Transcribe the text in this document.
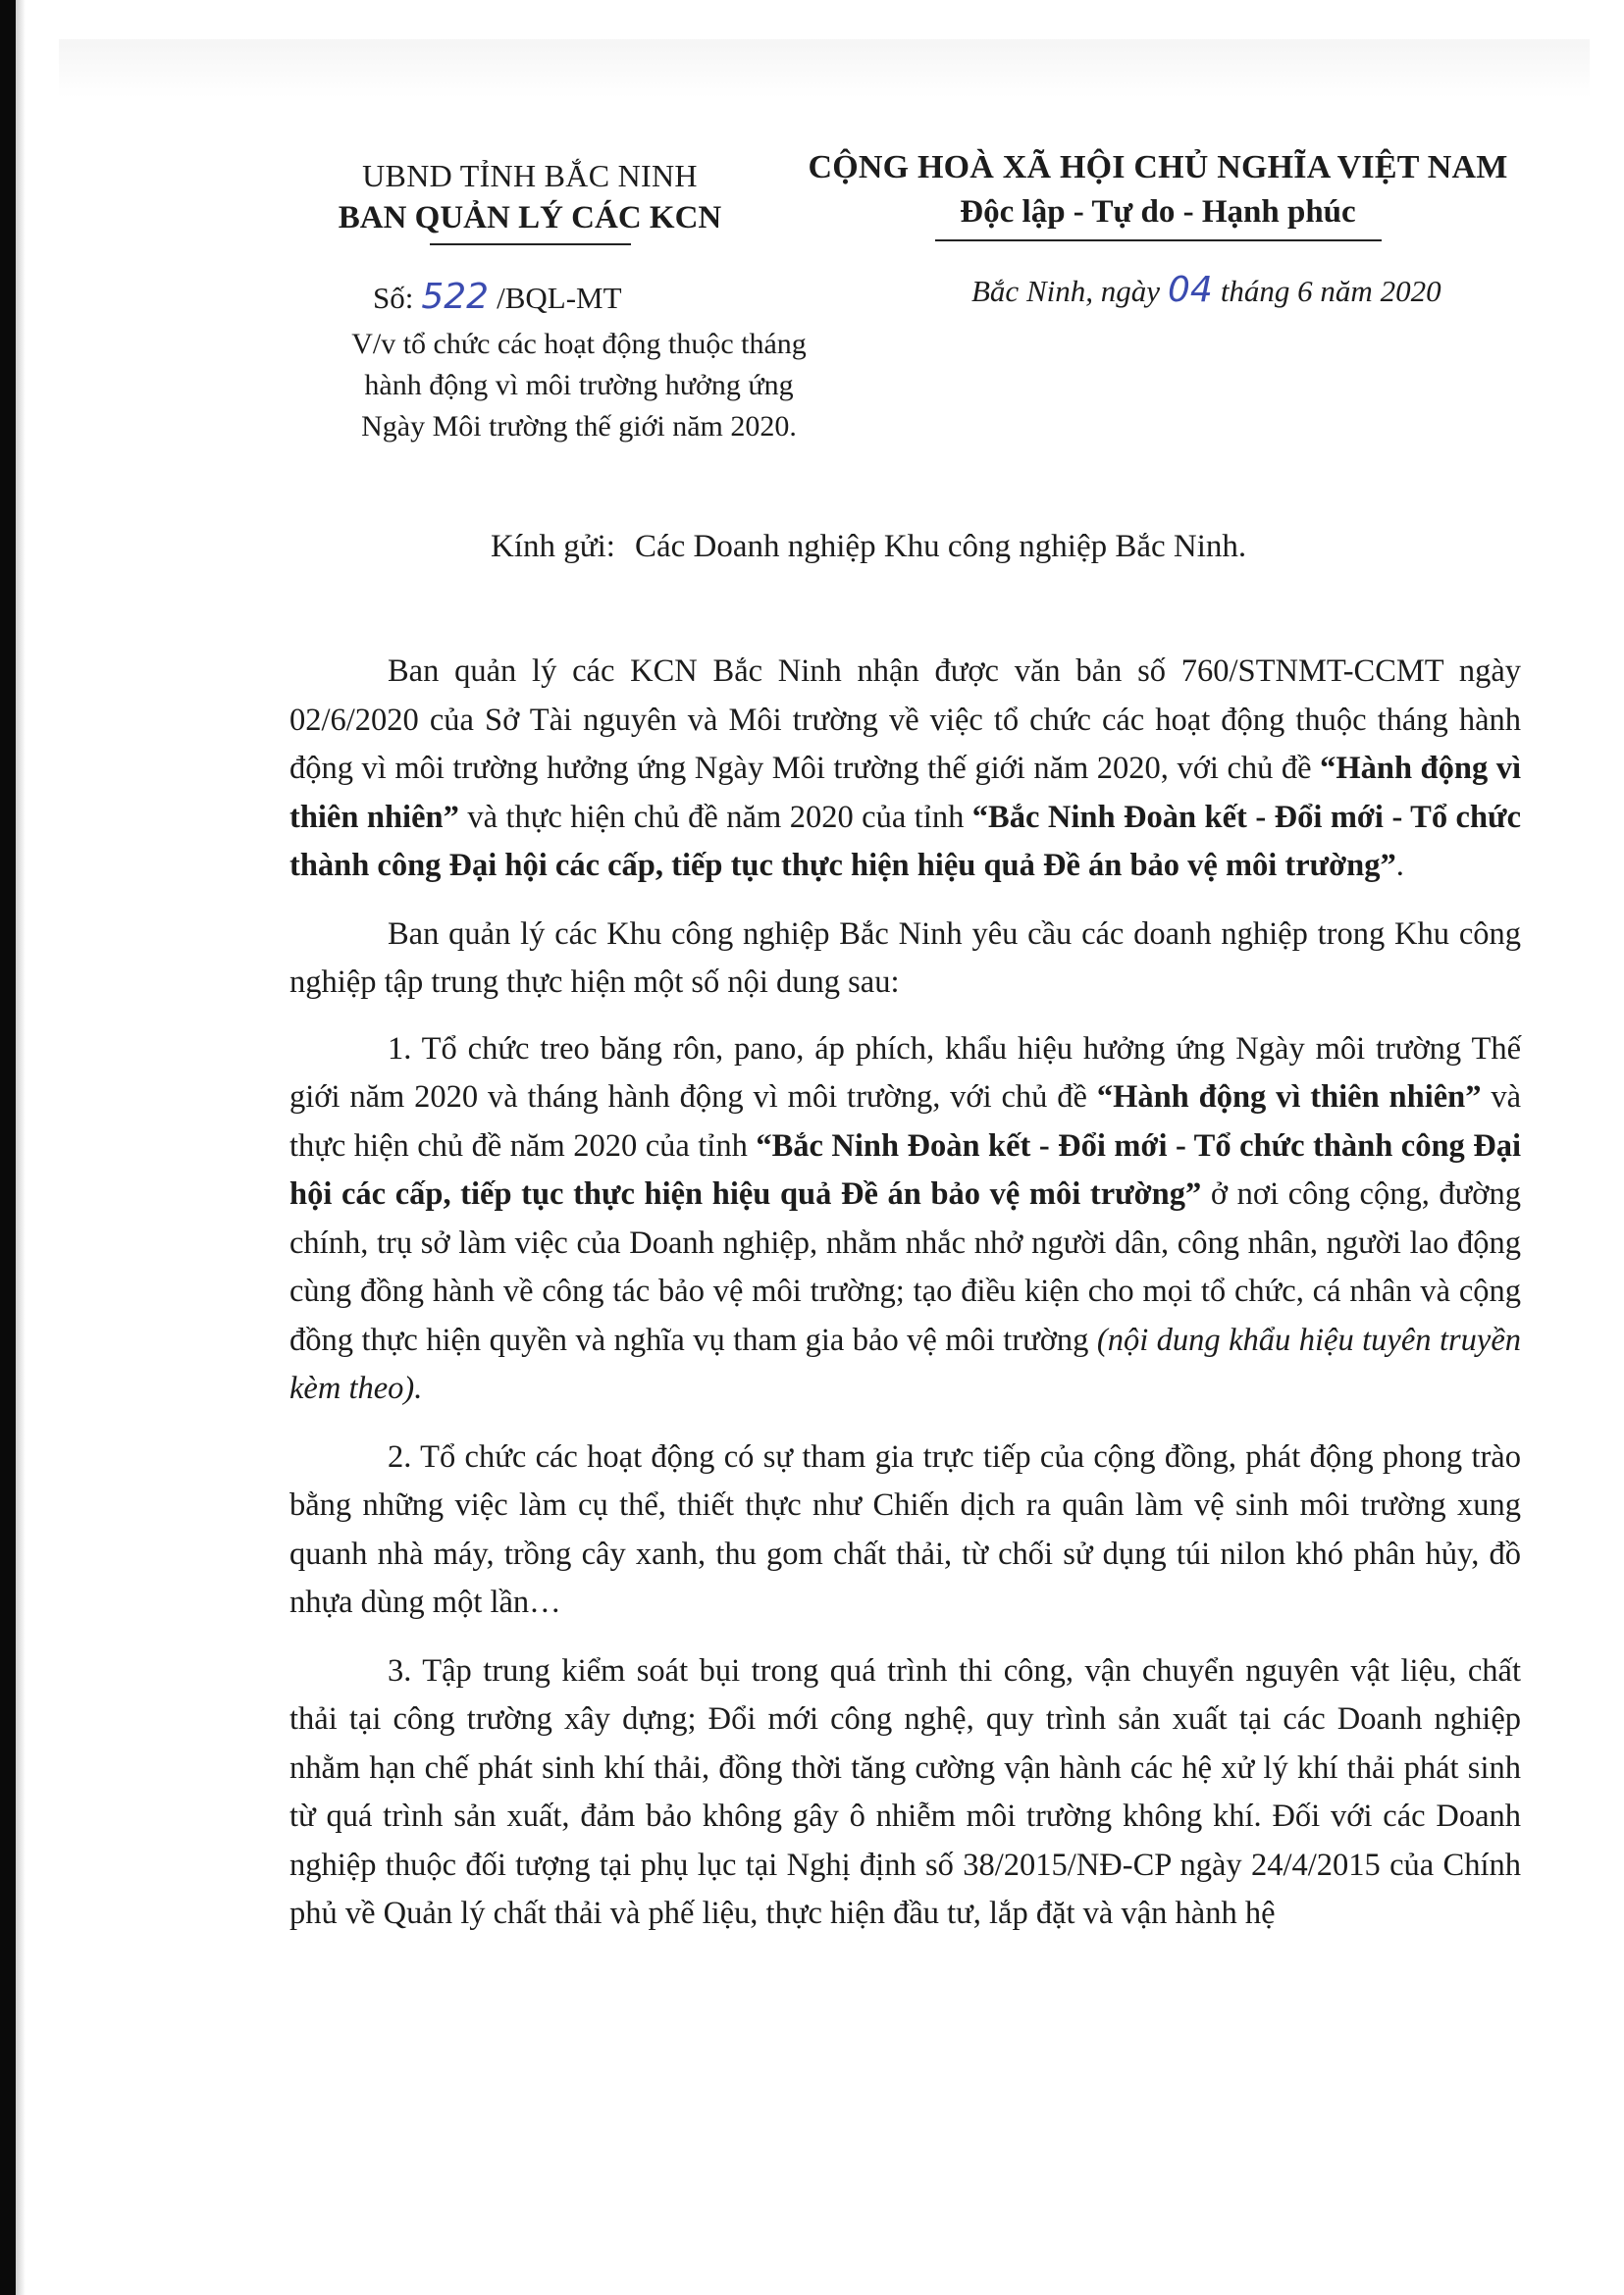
UBND TỈNH BẮC NINH
BAN QUẢN LÝ CÁC KCN
CỘNG HOÀ XÃ HỘI CHỦ NGHĨA VIỆT NAM
Độc lập - Tự do - Hạnh phúc
Số: 522 /BQL-MT	Bắc Ninh, ngày 04 tháng 6 năm 2020
V/v tổ chức các hoạt động thuộc tháng
hành động vì môi trường hưởng ứng
Ngày Môi trường thế giới năm 2020.
Kính gửi: Các Doanh nghiệp Khu công nghiệp Bắc Ninh.

Ban quản lý các KCN Bắc Ninh nhận được văn bản số 760/STNMT-CCMT ngày 02/6/2020 của Sở Tài nguyên và Môi trường về việc tổ chức các hoạt động thuộc tháng hành động vì môi trường hưởng ứng Ngày Môi trường thế giới năm 2020, với chủ đề “Hành động vì thiên nhiên” và thực hiện chủ đề năm 2020 của tỉnh “Bắc Ninh Đoàn kết - Đổi mới - Tổ chức thành công Đại hội các cấp, tiếp tục thực hiện hiệu quả Đề án bảo vệ môi trường”.

Ban quản lý các Khu công nghiệp Bắc Ninh yêu cầu các doanh nghiệp trong Khu công nghiệp tập trung thực hiện một số nội dung sau:

1. Tổ chức treo băng rôn, pano, áp phích, khẩu hiệu hưởng ứng Ngày môi trường Thế giới năm 2020 và tháng hành động vì môi trường, với chủ đề “Hành động vì thiên nhiên” và thực hiện chủ đề năm 2020 của tỉnh “Bắc Ninh Đoàn kết - Đổi mới - Tổ chức thành công Đại hội các cấp, tiếp tục thực hiện hiệu quả Đề án bảo vệ môi trường” ở nơi công cộng, đường chính, trụ sở làm việc của Doanh nghiệp, nhằm nhắc nhở người dân, công nhân, người lao động cùng đồng hành về công tác bảo vệ môi trường; tạo điều kiện cho mọi tổ chức, cá nhân và cộng đồng thực hiện quyền và nghĩa vụ tham gia bảo vệ môi trường (nội dung khẩu hiệu tuyên truyền kèm theo).

2. Tổ chức các hoạt động có sự tham gia trực tiếp của cộng đồng, phát động phong trào bằng những việc làm cụ thể, thiết thực như Chiến dịch ra quân làm vệ sinh môi trường xung quanh nhà máy, trồng cây xanh, thu gom chất thải, từ chối sử dụng túi nilon khó phân hủy, đồ nhựa dùng một lần…

3. Tập trung kiểm soát bụi trong quá trình thi công, vận chuyển nguyên vật liệu, chất thải tại công trường xây dựng; Đổi mới công nghệ, quy trình sản xuất tại các Doanh nghiệp nhằm hạn chế phát sinh khí thải, đồng thời tăng cường vận hành các hệ xử lý khí thải phát sinh từ quá trình sản xuất, đảm bảo không gây ô nhiễm môi trường không khí. Đối với các Doanh nghiệp thuộc đối tượng tại phụ lục tại Nghị định số 38/2015/NĐ-CP ngày 24/4/2015 của Chính phủ về Quản lý chất thải và phế liệu, thực hiện đầu tư, lắp đặt và vận hành hệ
